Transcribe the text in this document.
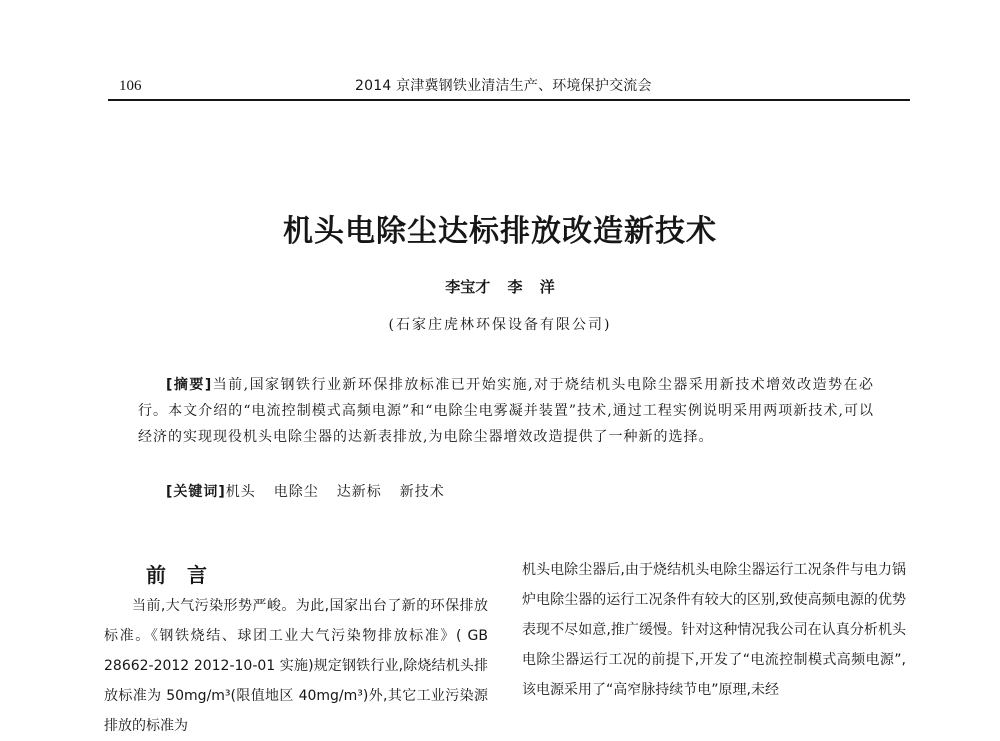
106	2014 京津冀钢铁业清洁生产、环境保护交流会
机头电除尘达标排放改造新技术
李宝才 李 洋
(石家庄虎林环保设备有限公司)

[摘要]当前,国家钢铁行业新环保排放标准已开始实施,对于烧结机头电除尘器采用新技术增效改造势在必行。本文介绍的“电流控制模式高频电源”和“电除尘电雾凝并装置”技术,通过工程实例说明采用两项新技术,可以经济的实现现役机头电除尘器的达新表排放,为电除尘器增效改造提供了一种新的选择。

[关键词]机头 电除尘 达新标 新技术
前 言

当前,大气污染形势严峻。为此,国家出台了新的环保排放标准。《钢铁烧结、球团工业大气污染物排放标准》( GB 28662-2012 2012-10-01 实施)规定钢铁行业,除烧结机头排放标准为 50mg/m³(限值地区 40mg/m³)外,其它工业污染源排放的标准为

机头电除尘器后,由于烧结机头电除尘器运行工况条件与电力锅炉电除尘器的运行工况条件有较大的区别,致使高频电源的优势表现不尽如意,推广缓慢。针对这种情况我公司在认真分析机头电除尘器运行工况的前提下,开发了“电流控制模式高频电源”,该电源采用了“高窄脉持续节电”原理,未经
